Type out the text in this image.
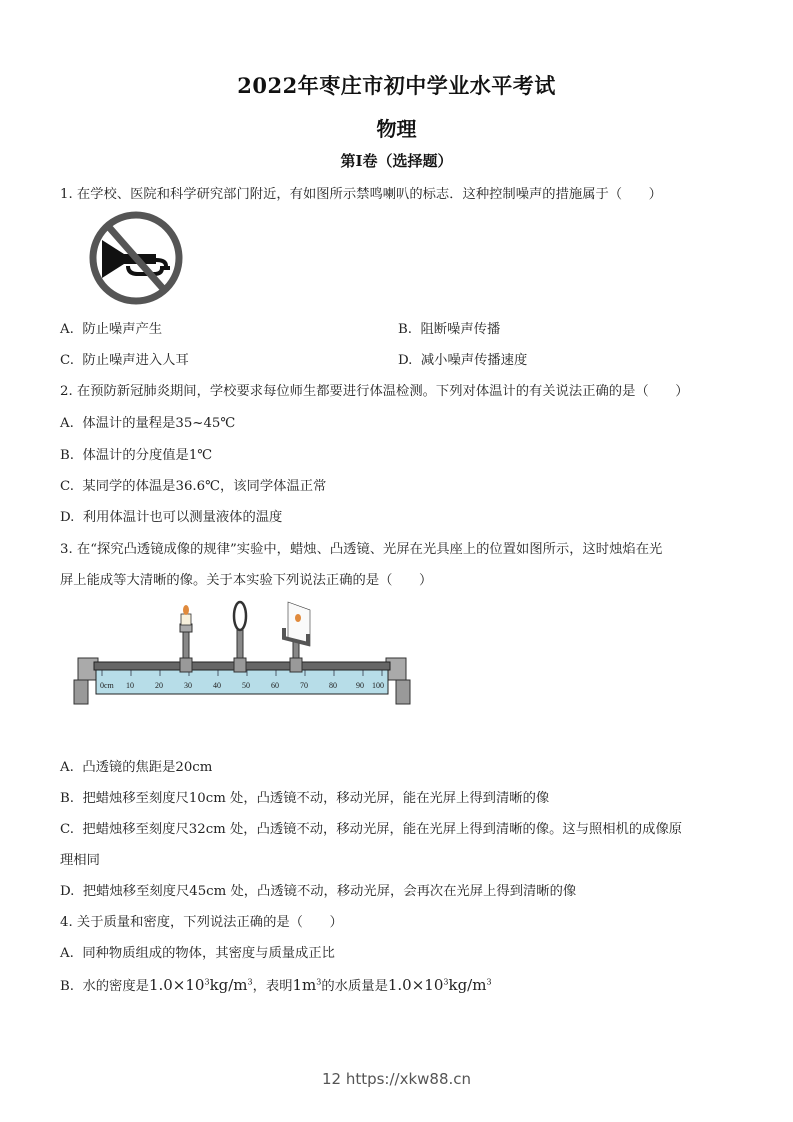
2022年枣庄市初中学业水平考试
物理
第I卷（选择题）
1. 在学校、医院和科学研究部门附近，有如图所示禁鸣喇叭的标志．这种控制噪声的措施属于（　　）
A. 防止噪声产生	B. 阻断噪声传播
C. 防止噪声进入人耳	D. 减小噪声传播速度
2. 在预防新冠肺炎期间，学校要求每位师生都要进行体温检测。下列对体温计的有关说法正确的是（　　）
A. 体温计的量程是35~45℃
B. 体温计的分度值是1℃
C. 某同学的体温是36.6℃，该同学体温正常
D. 利用体温计也可以测量液体的温度
3. 在“探究凸透镜成像的规律”实验中，蜡烛、凸透镜、光屏在光具座上的位置如图所示，这时烛焰在光
屏上能成等大清晰的像。关于本实验下列说法正确的是（　　）
0cm 10	20	30	40	50	60	70	80 90 100
A. 凸透镜的焦距是20cm
B. 把蜡烛移至刻度尺10cm 处，凸透镜不动，移动光屏，能在光屏上得到清晰的像
C. 把蜡烛移至刻度尺32cm 处，凸透镜不动，移动光屏，能在光屏上得到清晰的像。这与照相机的成像原
理相同
D. 把蜡烛移至刻度尺45cm 处，凸透镜不动，移动光屏，会再次在光屏上得到清晰的像
4. 关于质量和密度，下列说法正确的是（　　）
A. 同种物质组成的物体，其密度与质量成正比
B. 水的密度是$1.0\times 10^3kg/m^3$，表明$1m^3$的水质量是$1.0\times 10^3kg/m^3$
12 https://xkw88.cn
